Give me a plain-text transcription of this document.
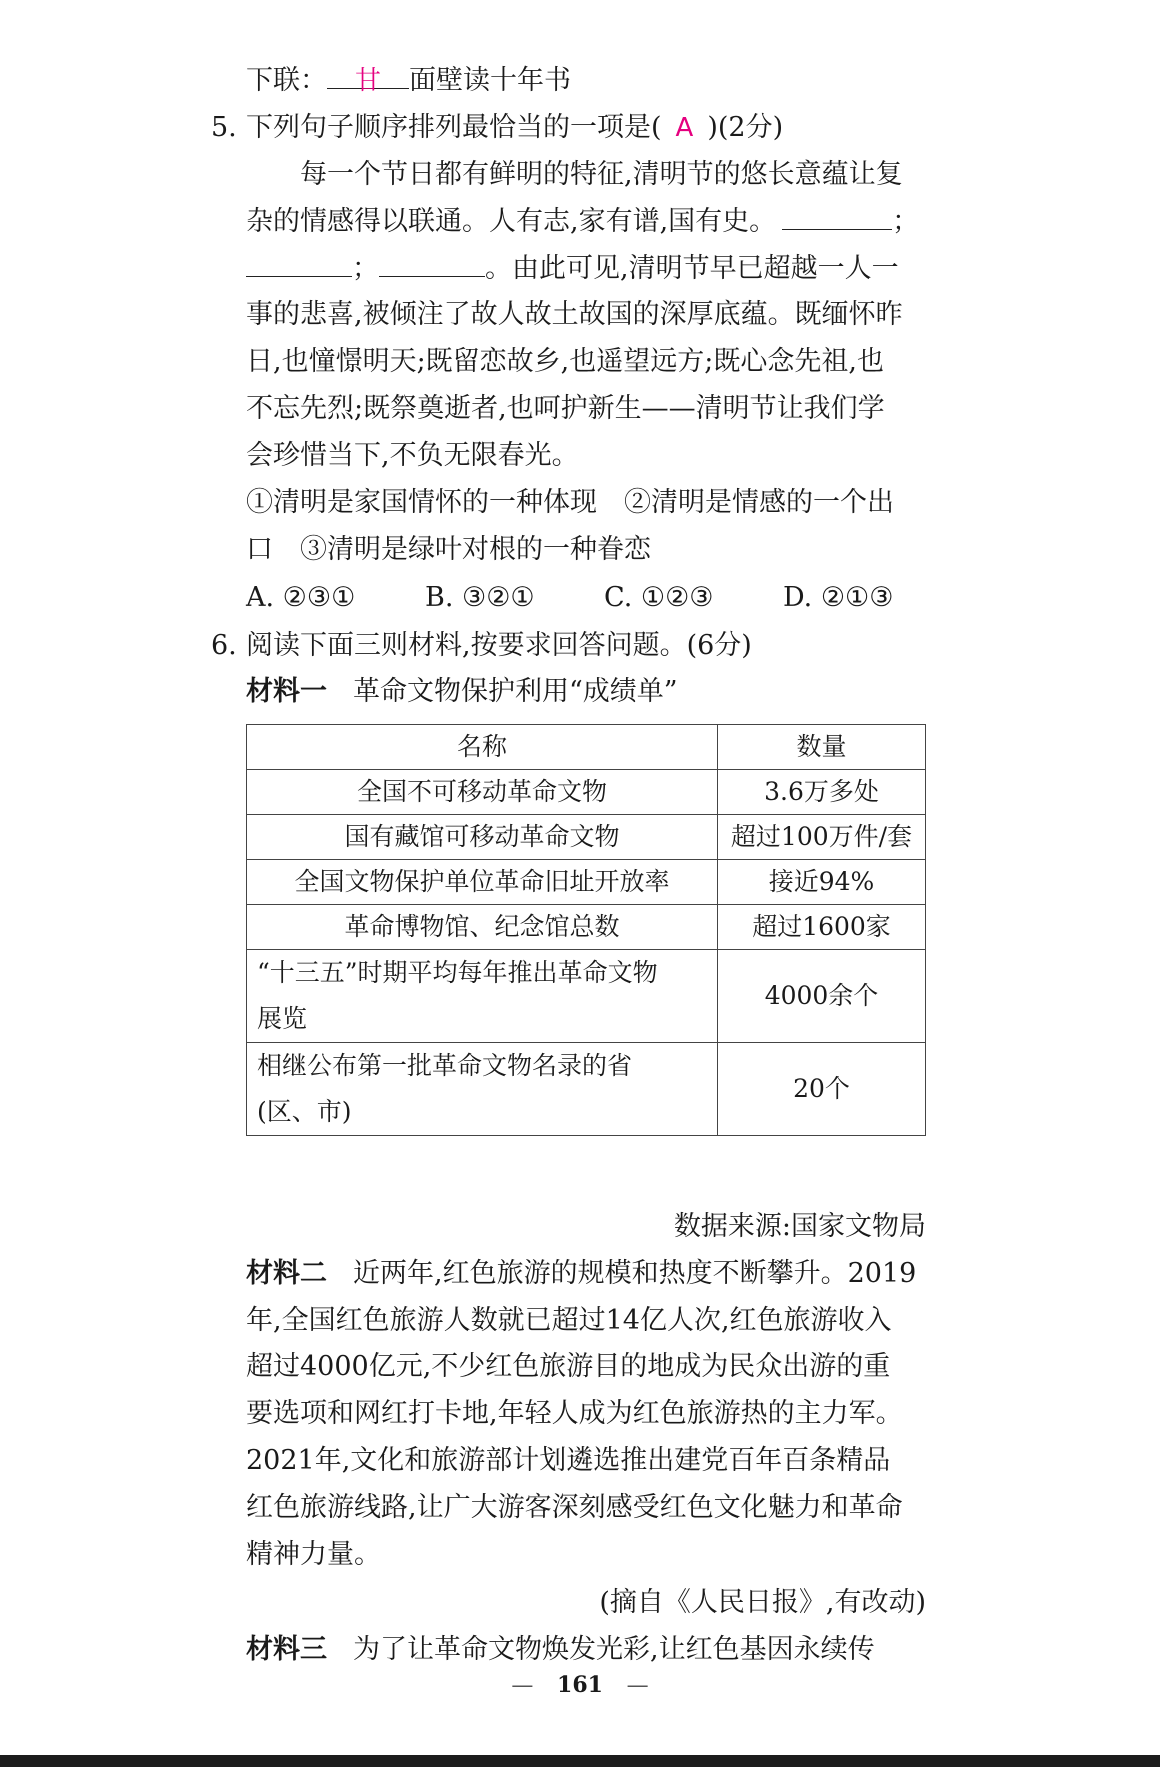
下联： 甘 面壁读十年书
5. 下列句子顺序排列最恰当的一项是( A )(2分)
每一个节日都有鲜明的特征,清明节的悠长意蕴让复
杂的情感得以联通。人有志,家有谱,国有史。	；
；	。由此可见,清明节早已超越一人一
事的悲喜,被倾注了故人故土故国的深厚底蕴。既缅怀昨
日,也憧憬明天;既留恋故乡,也遥望远方;既心念先祖,也
不忘先烈;既祭奠逝者,也呵护新生——清明节让我们学
会珍惜当下,不负无限春光。
①清明是家国情怀的一种体现　②清明是情感的一个出
口　③清明是绿叶对根的一种眷恋
A. ②③①	B. ③②①	C. ①②③	D. ②①③
6. 阅读下面三则材料,按要求回答问题。(6分)
材料一 革命文物保护利用“成绩单”
名称	数量
全国不可移动革命文物	3.6万多处
国有藏馆可移动革命文物	超过100万件/套
全国文物保护单位革命旧址开放率	接近94%
革命博物馆、纪念馆总数	超过1600家

“十三五”时期平均每年推出革命文物
展览	4000余个

相继公布第一批革命文物名录的省
(区、市)	20个
数据来源:国家文物局
材料二 近两年,红色旅游的规模和热度不断攀升。2019
年,全国红色旅游人数就已超过14亿人次,红色旅游收入
超过4000亿元,不少红色旅游目的地成为民众出游的重
要选项和网红打卡地,年轻人成为红色旅游热的主力军。
2021年,文化和旅游部计划遴选推出建党百年百条精品
红色旅游线路,让广大游客深刻感受红色文化魅力和革命
精神力量。
(摘自《人民日报》,有改动)
材料三 为了让革命文物焕发光彩,让红色基因永续传
— 161 —
